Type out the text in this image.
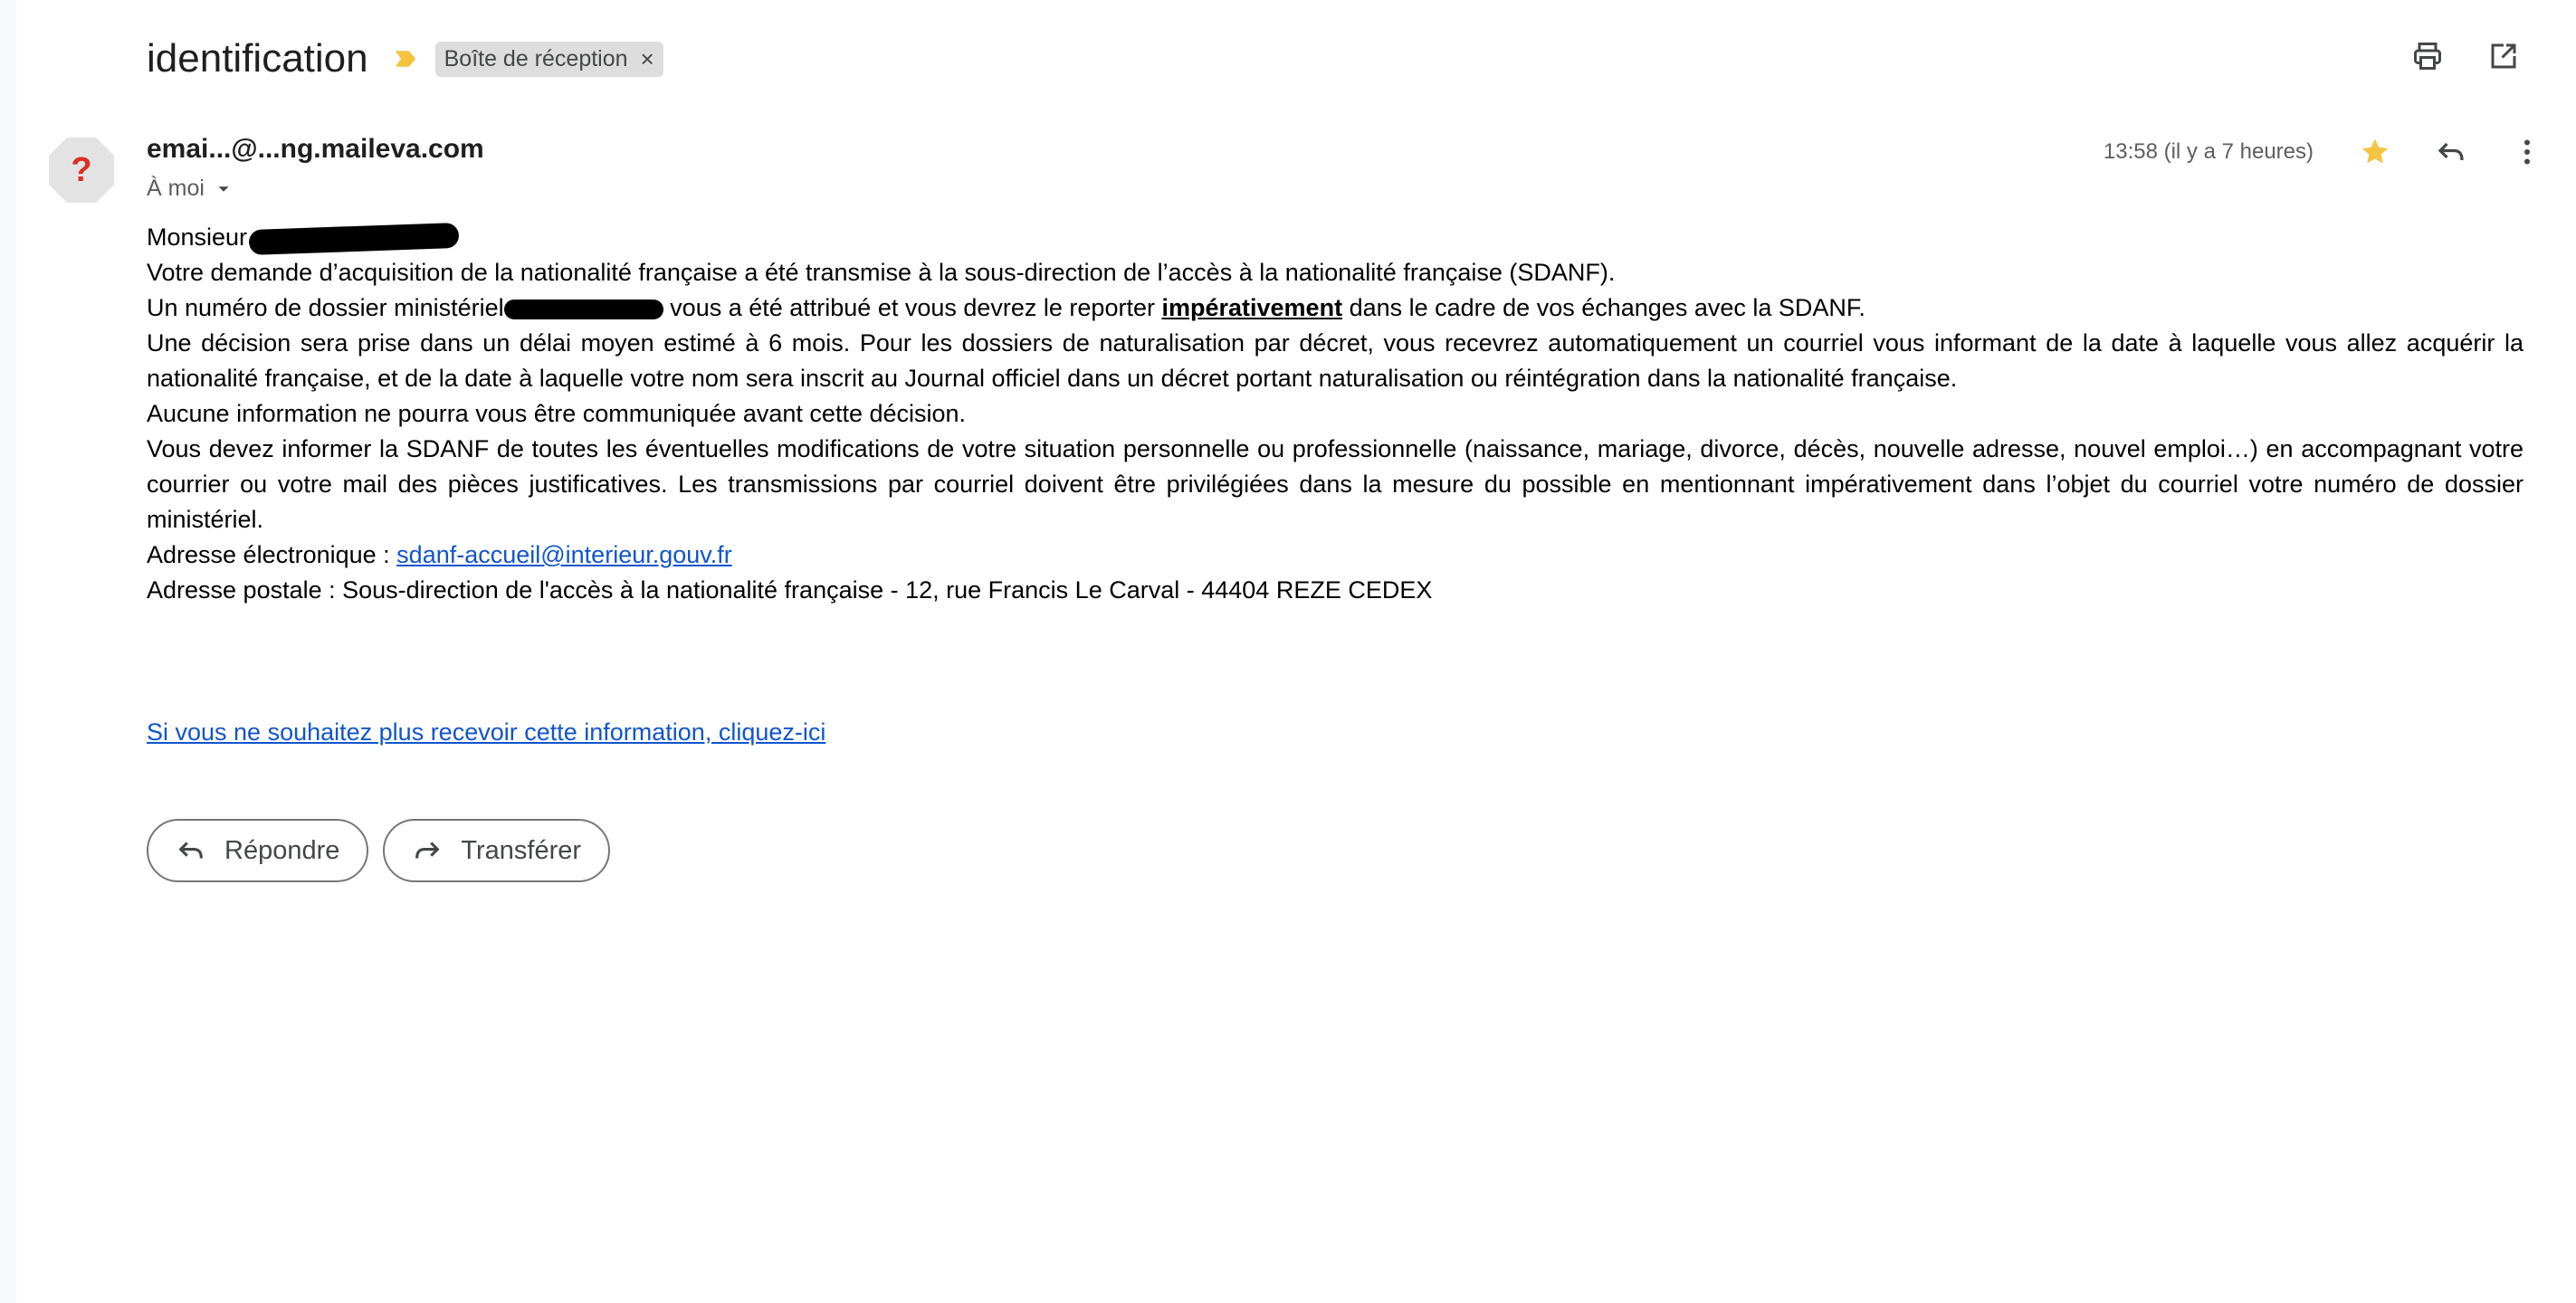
identification	Boîte de réception ×
?
emai...@...ng.maileva.com
À moi
13:58 (il y a 7 heures)

Monsieur

Votre demande d’acquisition de la nationalité française a été transmise à la sous-direction de l’accès à la nationalité française (SDANF).

Un numéro de dossier ministériel	vous a été attribué et vous devrez le reporter impérativement dans le cadre de vos échanges avec la SDANF.

Une décision sera prise dans un délai moyen estimé à 6 mois. Pour les dossiers de naturalisation par décret, vous recevrez automatiquement un courriel vous informant de la date à laquelle vous allez acquérir la nationalité française, et de la date à laquelle votre nom sera inscrit au Journal officiel dans un décret portant naturalisation ou réintégration dans la nationalité française.

Aucune information ne pourra vous être communiquée avant cette décision.

Vous devez informer la SDANF de toutes les éventuelles modifications de votre situation personnelle ou professionnelle (naissance, mariage, divorce, décès, nouvelle adresse, nouvel emploi…) en accompagnant votre courrier ou votre mail des pièces justificatives. Les transmissions par courriel doivent être privilégiées dans la mesure du possible en mentionnant impérativement dans l’objet du courriel votre numéro de dossier ministériel.

Adresse électronique : sdanf-accueil@interieur.gouv.fr

Adresse postale : Sous-direction de l'accès à la nationalité française - 12, rue Francis Le Carval - 44404 REZE CEDEX

Si vous ne souhaitez plus recevoir cette information, cliquez-ici

Répondre	Transférer
